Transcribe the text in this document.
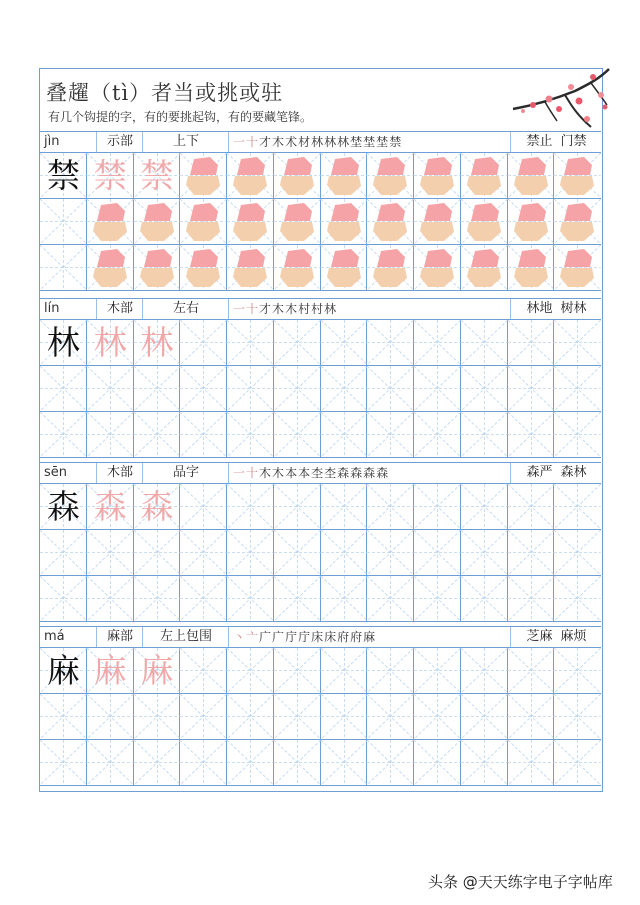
叠趯（tì）者当或挑或驻
有几个钩提的字，有的要挑起钩，有的要藏笔锋。
jìn	示部	上下	一十才木术材林林林埜埜埜禁	禁止 门禁
禁 禁 禁
lín	木部	左右	一十才木木村村林	林地 树林
林 林 林
sēn	木部	品字	一十木木本本杢杢森森森森	森严 森林
森 森 森
má	麻部	左上包围	丶亠广广庁庁床床府府麻	芝麻 麻烦
麻 麻 麻
头条 @天天练字电子字帖库
